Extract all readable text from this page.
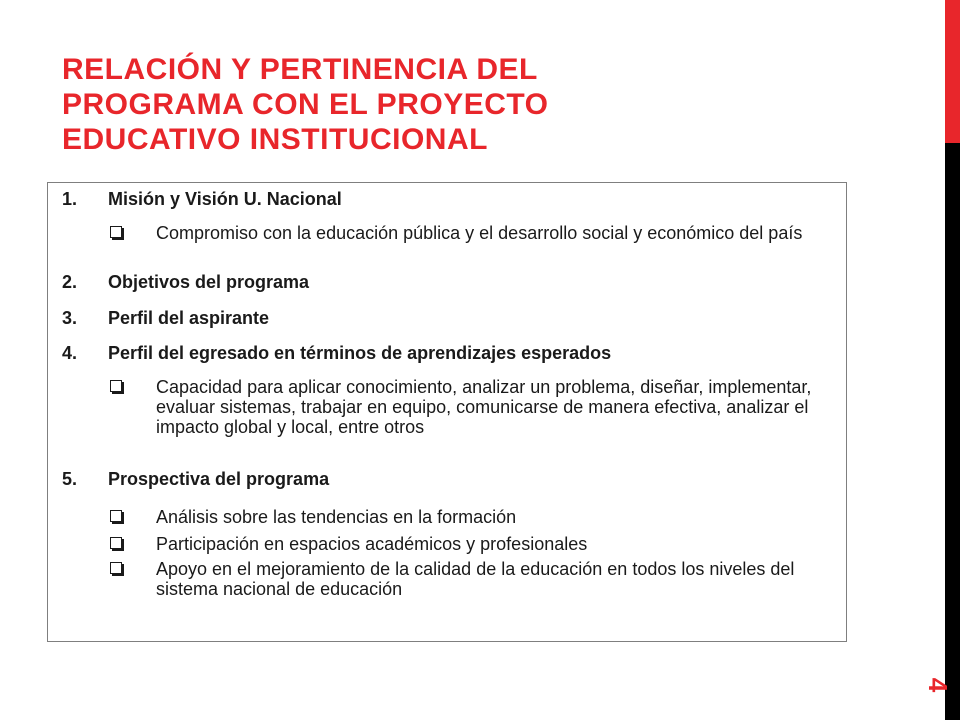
RELACIÓN Y PERTINENCIA DEL
PROGRAMA CON EL PROYECTO
EDUCATIVO INSTITUCIONAL
1. Misión y Visión U. Nacional
Compromiso con la educación pública y el desarrollo social y económico del país
2. Objetivos del programa
3. Perfil del aspirante
4. Perfil del egresado en términos de aprendizajes esperados
Capacidad para aplicar conocimiento, analizar un problema, diseñar, implementar, evaluar sistemas, trabajar en equipo, comunicarse de manera efectiva, analizar el impacto global y local, entre otros
5. Prospectiva del programa
Análisis sobre las tendencias en la formación
Participación en espacios académicos y profesionales
Apoyo en el mejoramiento de la calidad de la educación en todos los niveles del sistema nacional de educación
4
